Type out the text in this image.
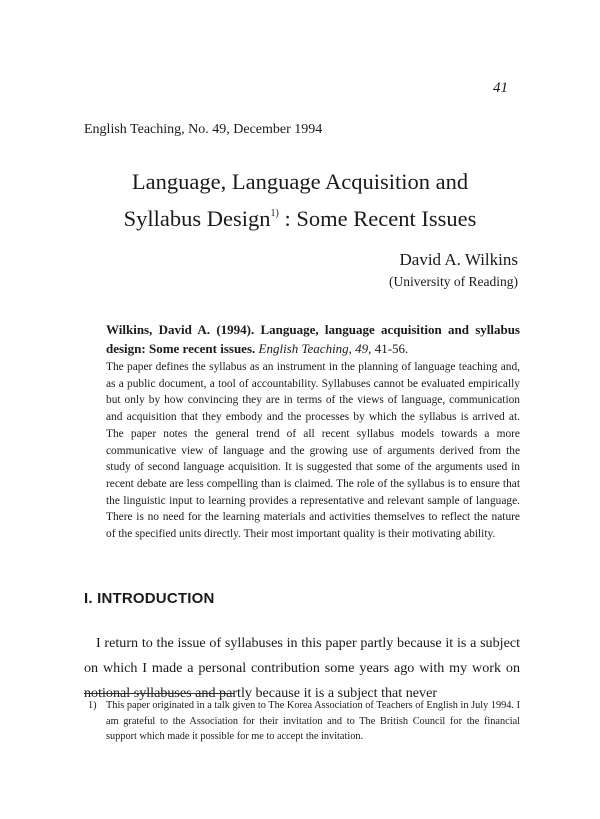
41
English Teaching, No. 49, December 1994
Language, Language Acquisition and
Syllabus Design$^{1)}$ : Some Recent Issues
David A. Wilkins
(University of Reading)
Wilkins, David A. (1994). Language, language acquisition and syllabus design: Some recent issues. English Teaching, 49, 41-56.

The paper defines the syllabus as an instrument in the planning of language teaching and, as a public document, a tool of accountability. Syllabuses cannot be evaluated empirically but only by how convincing they are in terms of the views of language, communication and acquisition that they embody and the processes by which the syllabus is arrived at. The paper notes the general trend of all recent syllabus models towards a more communicative view of language and the growing use of arguments derived from the study of second language acquisition. It is suggested that some of the arguments used in recent debate are less compelling than is claimed. The role of the syllabus is to ensure that the linguistic input to learning provides a representative and relevant sample of language. There is no need for the learning materials and activities themselves to reflect the nature of the specified units directly. Their most important quality is their motivating ability.

I. INTRODUCTION

I return to the issue of syllabuses in this paper partly because it is a subject on which I made a personal contribution some years ago with my work on notional syllabuses and partly because it is a subject that never

1) This paper originated in a talk given to The Korea Association of Teachers of English in July 1994. I am grateful to the Association for their invitation and to The British Council for the financial support which made it possible for me to accept the invitation.
